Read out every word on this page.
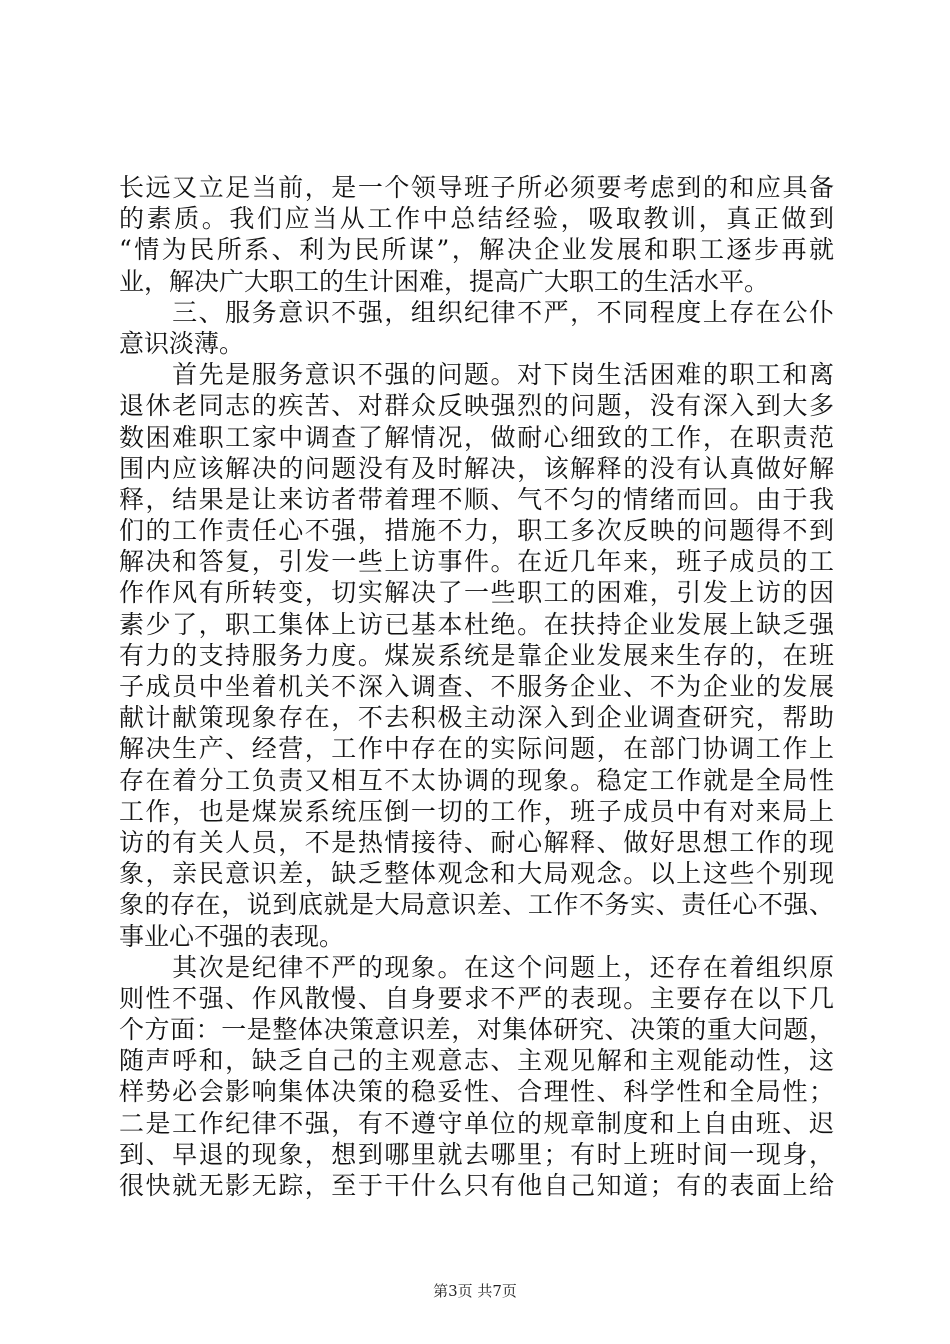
长远又立足当前，是一个领导班子所必须要考虑到的和应具备
的素质。我们应当从工作中总结经验，吸取教训，真正做到
“情为民所系、利为民所谋”，解决企业发展和职工逐步再就
业，解决广大职工的生计困难，提高广大职工的生活水平。
　　三、服务意识不强，组织纪律不严，不同程度上存在公仆
意识淡薄。
　　首先是服务意识不强的问题。对下岗生活困难的职工和离
退休老同志的疾苦、对群众反映强烈的问题，没有深入到大多
数困难职工家中调查了解情况，做耐心细致的工作，在职责范
围内应该解决的问题没有及时解决，该解释的没有认真做好解
释，结果是让来访者带着理不顺、气不匀的情绪而回。由于我
们的工作责任心不强，措施不力，职工多次反映的问题得不到
解决和答复，引发一些上访事件。在近几年来，班子成员的工
作作风有所转变，切实解决了一些职工的困难，引发上访的因
素少了，职工集体上访已基本杜绝。在扶持企业发展上缺乏强
有力的支持服务力度。煤炭系统是靠企业发展来生存的，在班
子成员中坐着机关不深入调查、不服务企业、不为企业的发展
献计献策现象存在，不去积极主动深入到企业调查研究，帮助
解决生产、经营，工作中存在的实际问题，在部门协调工作上
存在着分工负责又相互不太协调的现象。稳定工作就是全局性
工作，也是煤炭系统压倒一切的工作，班子成员中有对来局上
访的有关人员，不是热情接待、耐心解释、做好思想工作的现
象，亲民意识差，缺乏整体观念和大局观念。以上这些个别现
象的存在，说到底就是大局意识差、工作不务实、责任心不强、
事业心不强的表现。
　　其次是纪律不严的现象。在这个问题上，还存在着组织原
则性不强、作风散慢、自身要求不严的表现。主要存在以下几
个方面：一是整体决策意识差，对集体研究、决策的重大问题，
随声呼和，缺乏自己的主观意志、主观见解和主观能动性，这
样势必会影响集体决策的稳妥性、合理性、科学性和全局性；
二是工作纪律不强，有不遵守单位的规章制度和上自由班、迟
到、早退的现象，想到哪里就去哪里；有时上班时间一现身，
很快就无影无踪，至于干什么只有他自己知道；有的表面上给
第3页 共7页
